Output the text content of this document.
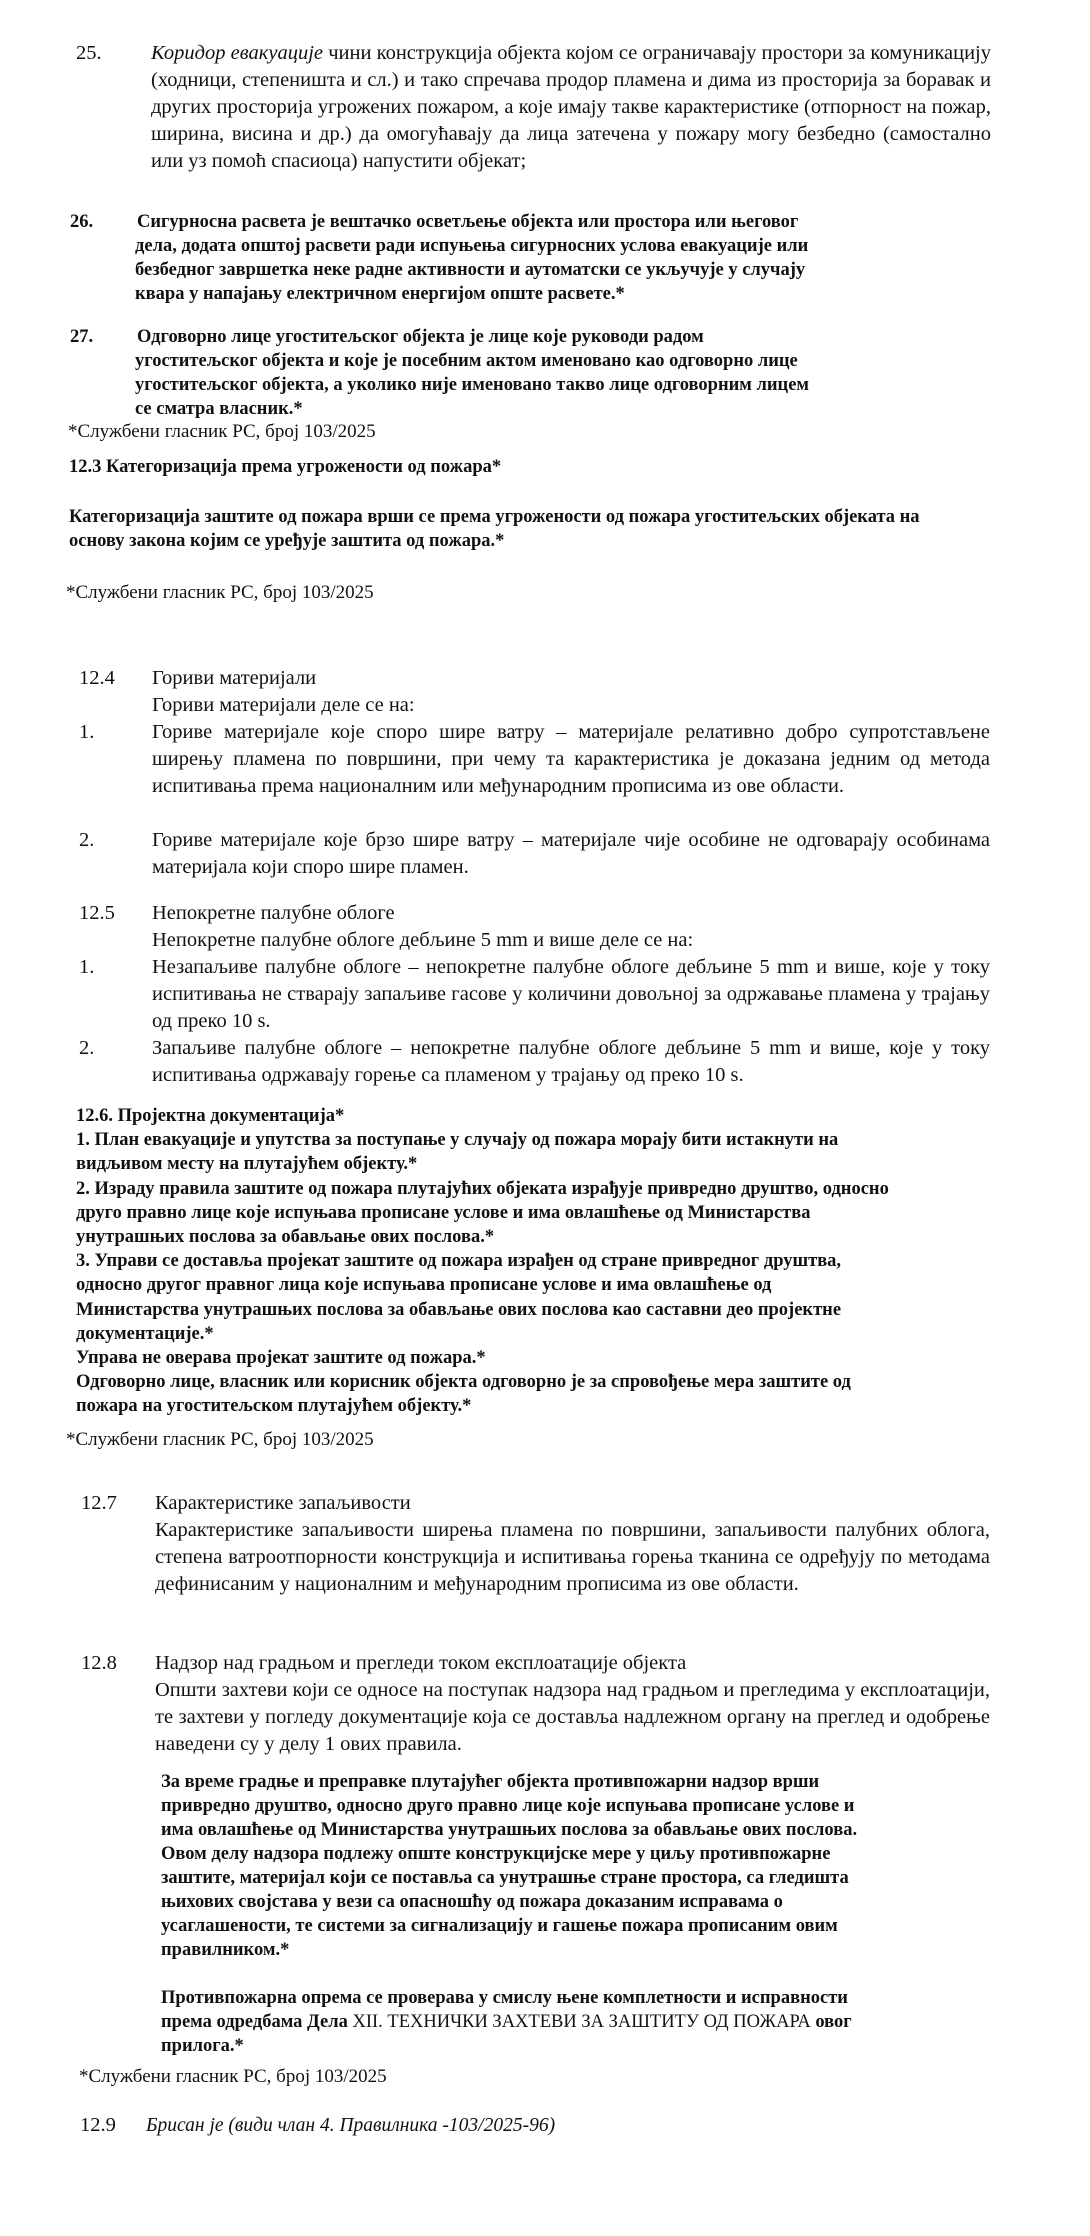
25. Коридор евакуације чини конструкција објекта којом се ограничавају простори за комуникацију (ходници, степеништа и сл.) и тако спречава продор пламена и дима из просторија за боравак и других просторија угрожених пожаром, а које имају такве карактеристике (отпорност на пожар, ширина, висина и др.) да омогућавају да лица затечена у пожару могу безбедно (самостално или уз помоћ спасиоца) напустити објекат;

26. Сигурносна расвета је вештачко осветљење објекта или простора или његовог
дела, додата општој расвети ради испуњења сигурносних услова евакуације или
безбедног завршетка неке радне активности и аутоматски се укључује у случају
квара у напајању електричном енергијом опште расвете.*
27. Одговорно лице угоститељског објекта је лице које руководи радом
угоститељског објекта и које је посебним актом именовано као одговорно лице
угоститељског објекта, а уколико није именовано такво лице одговорним лицем
се сматра власник.*
*Службени гласник РС, број 103/2025
12.3 Категоризација према угрожености од пожара*
Категоризација заштите од пожара врши се према угрожености од пожара угоститељских објеката на
основу закона којим се уређује заштита од пожара.*
*Службени гласник РС, број 103/2025
12.4 Гориви материјали
Гориви материјали деле се на:
1.	Гориве материјале које споро шире ватру – материјале релативно добро супротстављене ширењу пламена по површини, при чему та карактеристика је доказана једним од метода испитивања према националним или међународним прописима из ове области.

2.	Гориве материјале које брзо шире ватру – материјале чије особине не одговарају особинама материјала који споро шире пламен.

12.5 Непокретне палубне облоге
Непокретне палубне облоге дебљине 5 mm и више деле се на:
1.	Незапаљиве палубне облоге – непокретне палубне облоге дебљине 5 mm и више, које у току испитивања не стварају запаљиве гасове у количини довољној за одржавање пламена у трајању од преко 10 s.

2.	Запаљиве палубне облоге – непокретне палубне облоге дебљине 5 mm и више, које у току испитивања одржавају горење са пламеном у трајању од преко 10 s.

12.6. Пројектна документација*
1. План евакуације и упутства за поступање у случају од пожара морају бити истакнути на
видљивом месту на плутајућем објекту.*
2. Израду правила заштите од пожара плутајућих објеката израђује привредно друштво, односно
друго правно лице које испуњава прописане услове и има овлашћење од Министарства
унутрашњих послова за обављање ових послова.*
3. Управи се доставља пројекат заштите од пожара израђен од стране привредног друштва,
односно другог правног лица које испуњава прописане услове и има овлашћење од
Министарства унутрашњих послова за обављање ових послова као саставни део пројектне
документације.*
Управа не оверава пројекат заштите од пожара.*
Одговорно лице, власник или корисник објекта одговорно је за спровођење мера заштите од
пожара на угоститељском плутајућем објекту.*
*Службени гласник РС, број 103/2025
12.7 Карактеристике запаљивости

Карактеристике запаљивости ширења пламена по површини, запаљивости палубних облога, степена ватроотпорности конструкција и испитивања горења тканина се одређују по методама дефинисаним у националним и међународним прописима из ове области.

12.8 Надзор над градњом и прегледи током експлоатације објекта

Општи захтеви који се односе на поступак надзора над градњом и прегледима у експлоатацији, те захтеви у погледу документације која се доставља надлежном органу на преглед и одобрење наведени су у делу 1 ових правила.

За време градње и преправке плутајућег објекта противпожарни надзор врши
привредно друштво, односно друго правно лице које испуњава прописане услове и
има овлашћење од Министарства унутрашњих послова за обављање ових послова.
Овом делу надзора подлежу опште конструкцијске мере у циљу противпожарне
заштите, материјал који се поставља са унутрашње стране простора, са гледишта
њихових својстава у вези са опасношћу од пожара доказаним исправама о
усаглашености, те системи за сигнализацију и гашење пожара прописаним овим
правилником.*
Противпожарна опрема се проверава у смислу њене комплетности и исправности
према одредбама Дела XII. ТЕХНИЧКИ ЗАХТЕВИ ЗА ЗАШТИТУ ОД ПОЖАРА овог
прилога.*
*Службени гласник РС, број 103/2025
12.9 Брисан је (види члан 4. Правилника -103/2025-96)
